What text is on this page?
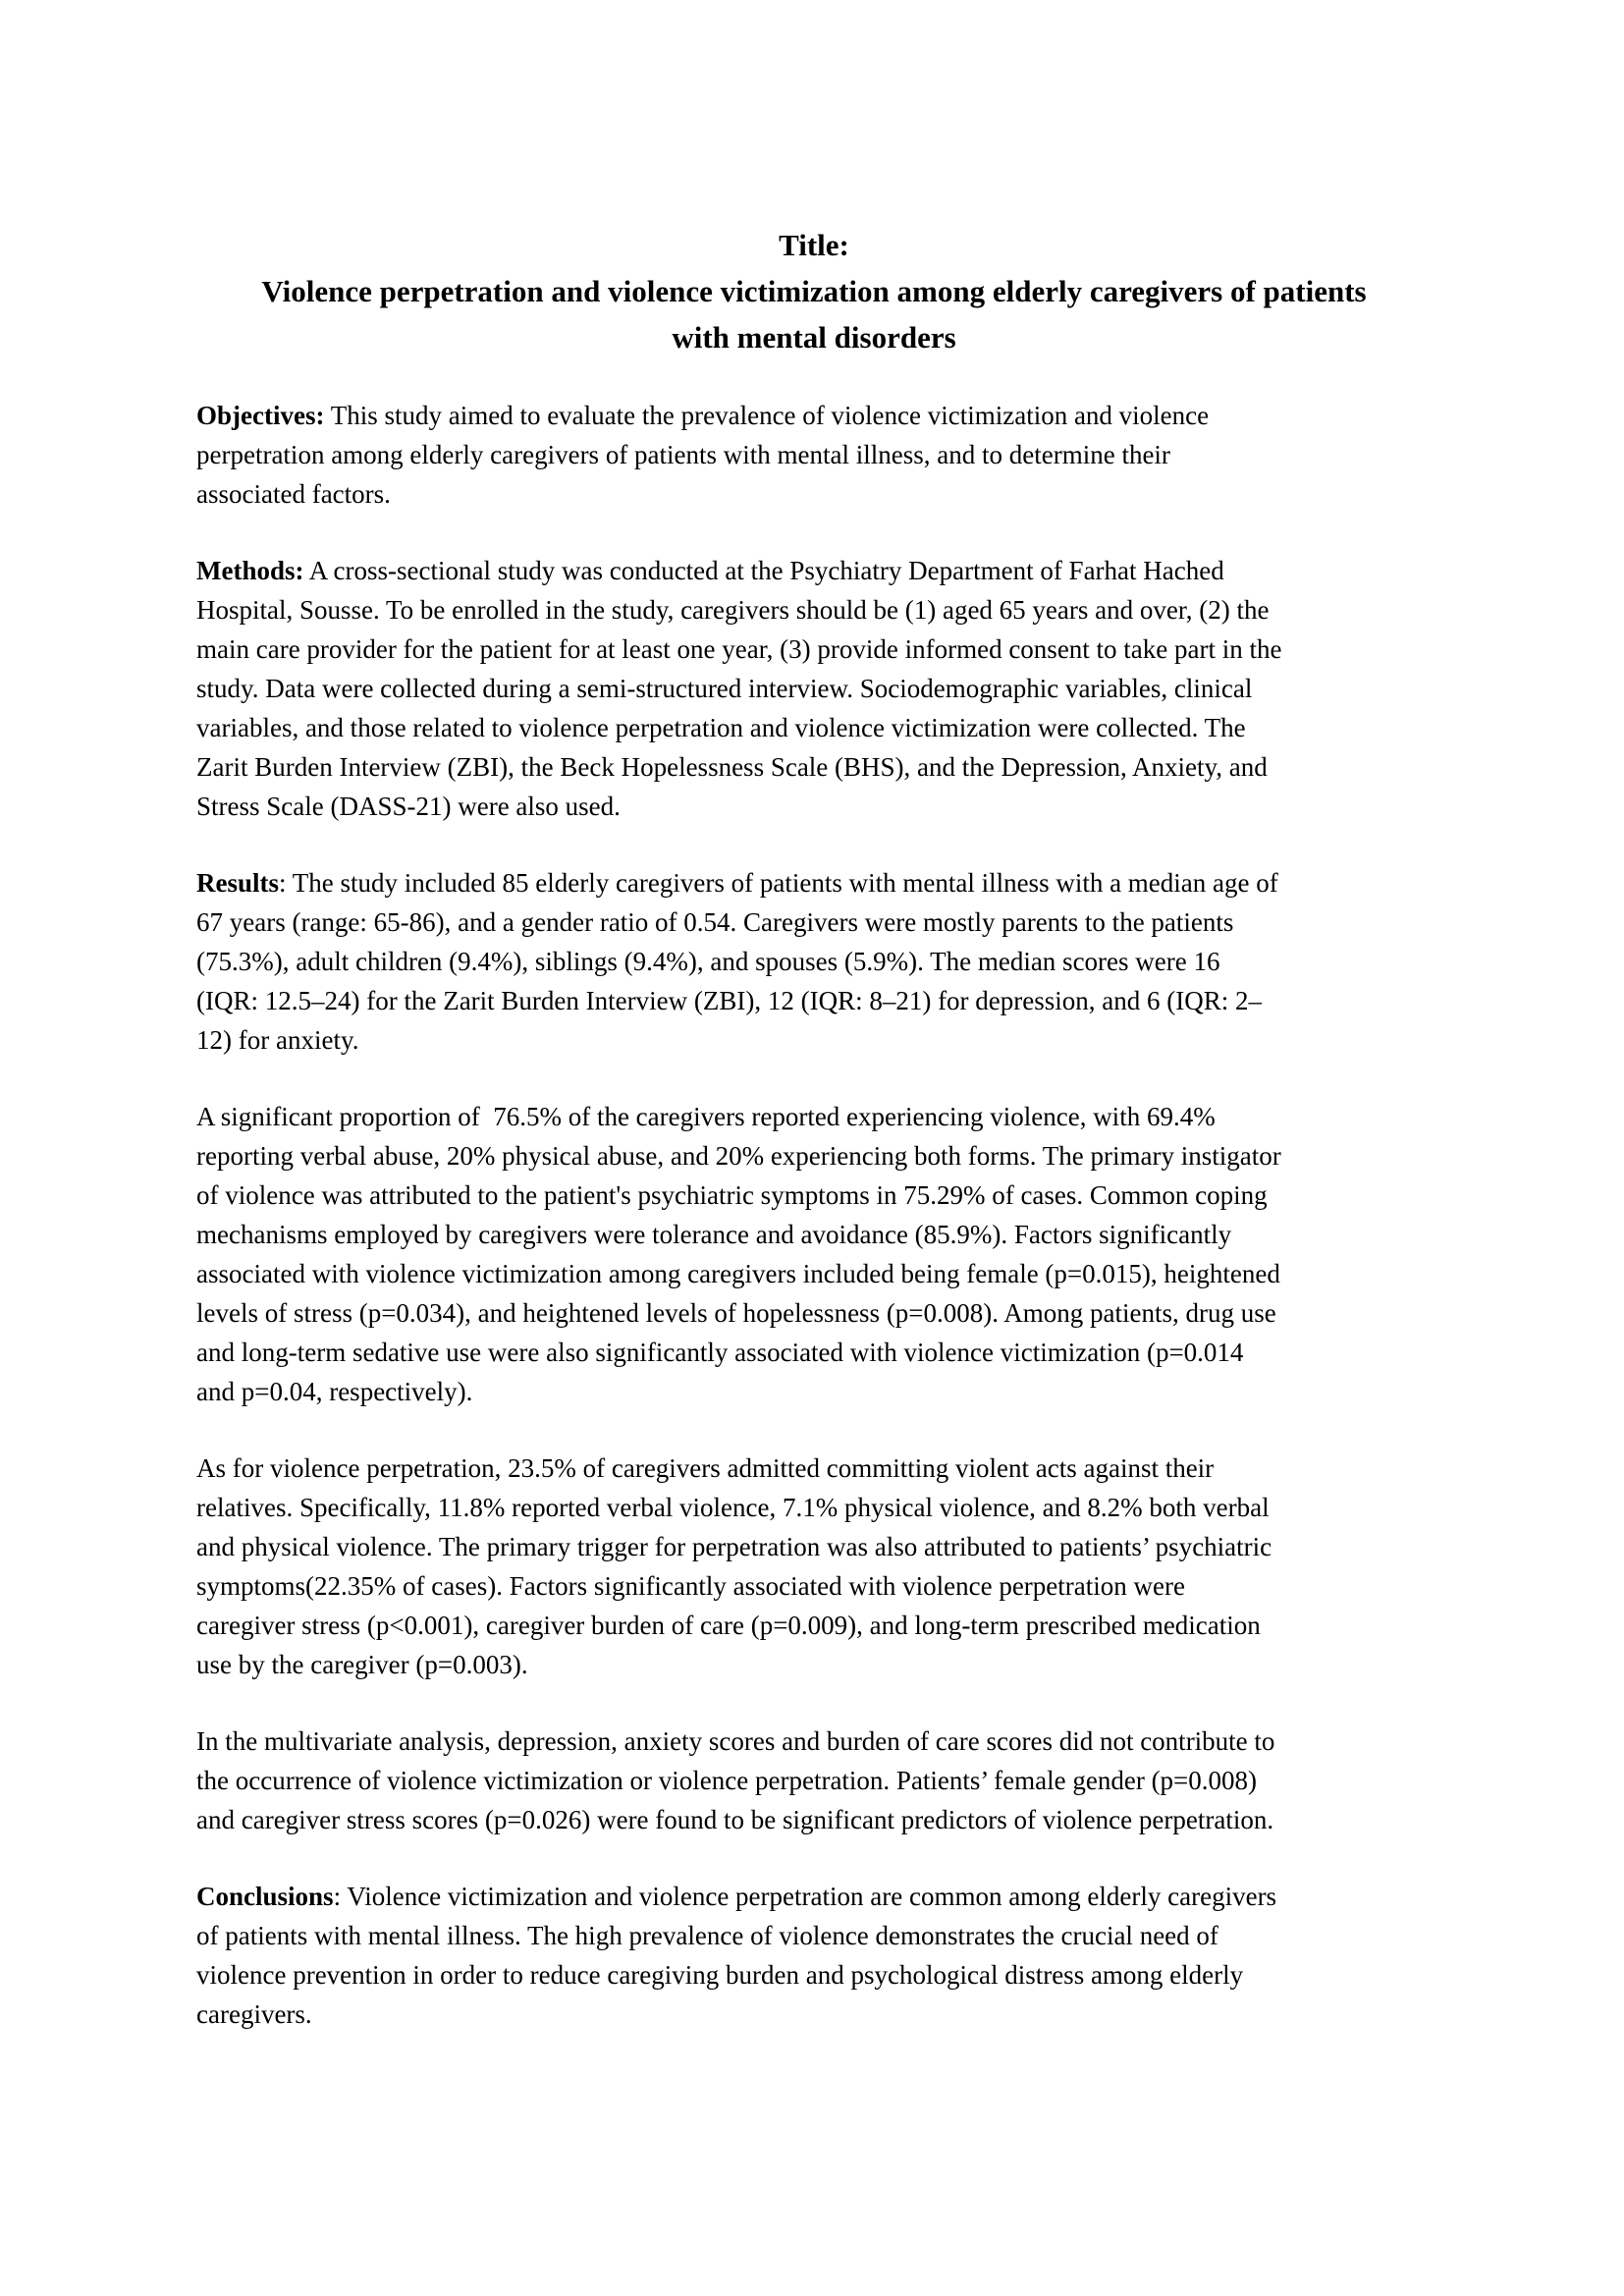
Title:
Violence perpetration and violence victimization among elderly caregivers of patients
with mental disorders
Objectives: This study aimed to evaluate the prevalence of violence victimization and violence
perpetration among elderly caregivers of patients with mental illness, and to determine their
associated factors.
Methods: A cross-sectional study was conducted at the Psychiatry Department of Farhat Hached
Hospital, Sousse. To be enrolled in the study, caregivers should be (1) aged 65 years and over, (2) the
main care provider for the patient for at least one year, (3) provide informed consent to take part in the
study. Data were collected during a semi-structured interview. Sociodemographic variables, clinical
variables, and those related to violence perpetration and violence victimization were collected. The
Zarit Burden Interview (ZBI), the Beck Hopelessness Scale (BHS), and the Depression, Anxiety, and
Stress Scale (DASS-21) were also used.
Results: The study included 85 elderly caregivers of patients with mental illness with a median age of
67 years (range: 65-86), and a gender ratio of 0.54. Caregivers were mostly parents to the patients
(75.3%), adult children (9.4%), siblings (9.4%), and spouses (5.9%). The median scores were 16
(IQR: 12.5–24) for the Zarit Burden Interview (ZBI), 12 (IQR: 8–21) for depression, and 6 (IQR: 2–
12) for anxiety.
A significant proportion of  76.5% of the caregivers reported experiencing violence, with 69.4%
reporting verbal abuse, 20% physical abuse, and 20% experiencing both forms. The primary instigator
of violence was attributed to the patient's psychiatric symptoms in 75.29% of cases. Common coping
mechanisms employed by caregivers were tolerance and avoidance (85.9%). Factors significantly
associated with violence victimization among caregivers included being female (p=0.015), heightened
levels of stress (p=0.034), and heightened levels of hopelessness (p=0.008). Among patients, drug use
and long-term sedative use were also significantly associated with violence victimization (p=0.014
and p=0.04, respectively).
As for violence perpetration, 23.5% of caregivers admitted committing violent acts against their
relatives. Specifically, 11.8% reported verbal violence, 7.1% physical violence, and 8.2% both verbal
and physical violence. The primary trigger for perpetration was also attributed to patients’ psychiatric
symptoms(22.35% of cases). Factors significantly associated with violence perpetration were
caregiver stress (p<0.001), caregiver burden of care (p=0.009), and long-term prescribed medication
use by the caregiver (p=0.003).
In the multivariate analysis, depression, anxiety scores and burden of care scores did not contribute to
the occurrence of violence victimization or violence perpetration. Patients’ female gender (p=0.008)
and caregiver stress scores (p=0.026) were found to be significant predictors of violence perpetration.
Conclusions: Violence victimization and violence perpetration are common among elderly caregivers
of patients with mental illness. The high prevalence of violence demonstrates the crucial need of
violence prevention in order to reduce caregiving burden and psychological distress among elderly
caregivers.
